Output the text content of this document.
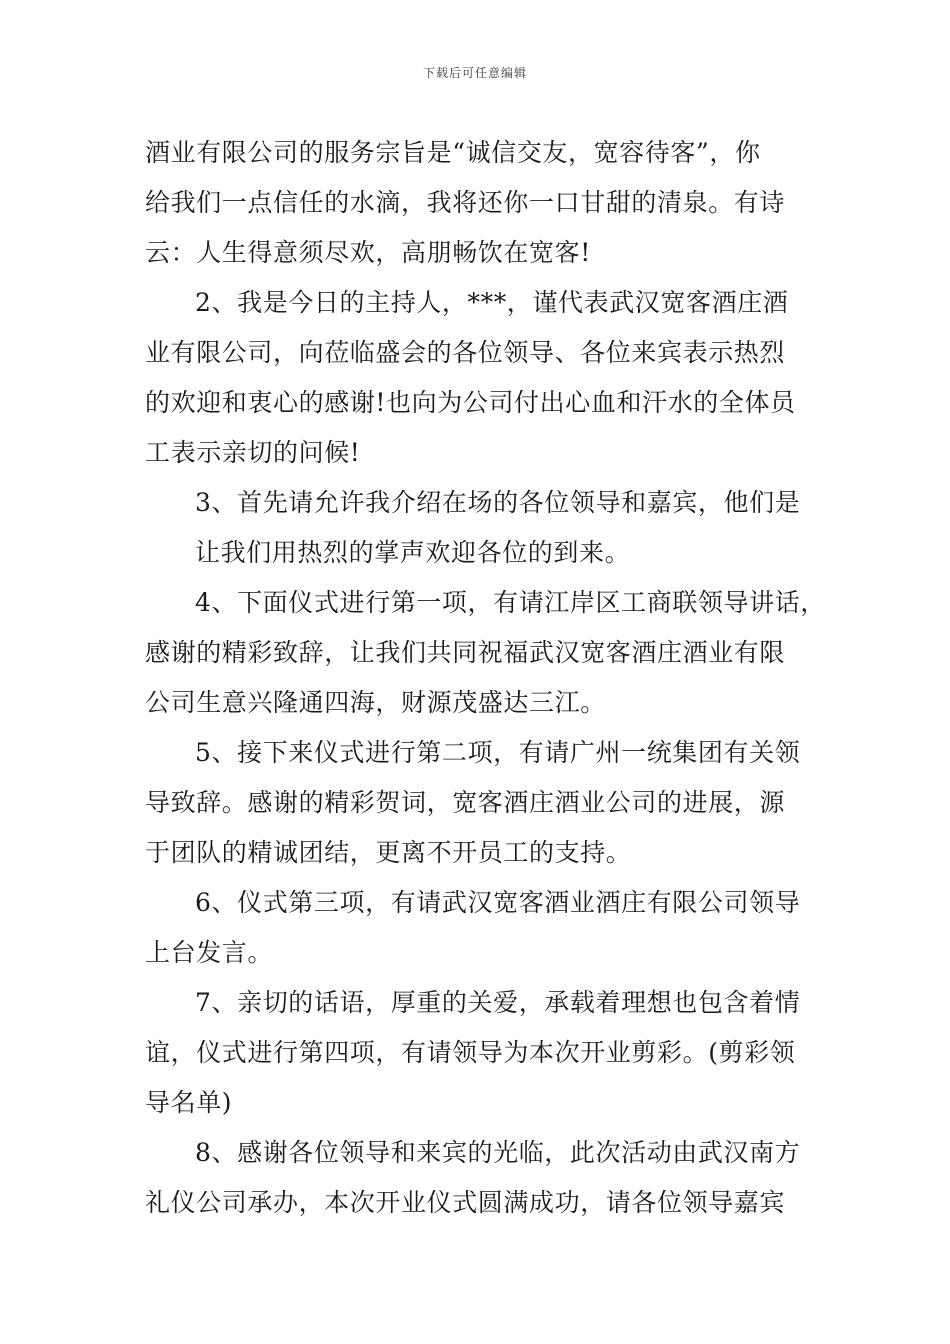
下载后可任意编辑
酒业有限公司的服务宗旨是“诚信交友，宽容待客”，你
给我们一点信任的水滴，我将还你一口甘甜的清泉。有诗
云：人生得意须尽欢，高朋畅饮在宽客!
2、我是今日的主持人，***，谨代表武汉宽客酒庄酒
业有限公司，向莅临盛会的各位领导、各位来宾表示热烈
的欢迎和衷心的感谢!也向为公司付出心血和汗水的全体员
工表示亲切的问候!
3、首先请允许我介绍在场的各位领导和嘉宾，他们是
让我们用热烈的掌声欢迎各位的到来。
4、下面仪式进行第一项，有请江岸区工商联领导讲话，
感谢的精彩致辞，让我们共同祝福武汉宽客酒庄酒业有限
公司生意兴隆通四海，财源茂盛达三江。
5、接下来仪式进行第二项，有请广州一统集团有关领
导致辞。感谢的精彩贺词，宽客酒庄酒业公司的进展，源
于团队的精诚团结，更离不开员工的支持。
6、仪式第三项，有请武汉宽客酒业酒庄有限公司领导
上台发言。
7、亲切的话语，厚重的关爱，承载着理想也包含着情
谊，仪式进行第四项，有请领导为本次开业剪彩。(剪彩领
导名单)
8、感谢各位领导和来宾的光临，此次活动由武汉南方
礼仪公司承办，本次开业仪式圆满成功，请各位领导嘉宾
